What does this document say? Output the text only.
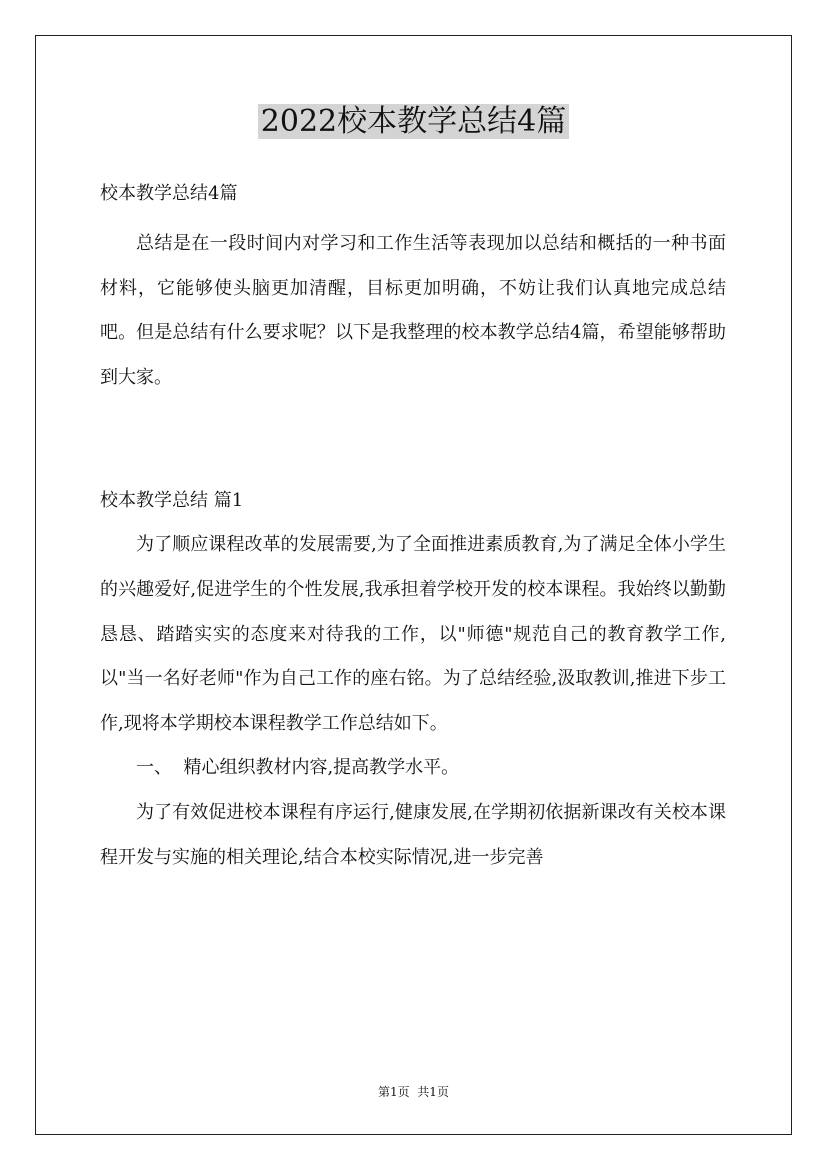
2022校本教学总结4篇

校本教学总结4篇

总结是在一段时间内对学习和工作生活等表现加以总结和概括的一种书面材料，它能够使头脑更加清醒，目标更加明确，不妨让我们认真地完成总结吧。但是总结有什么要求呢？以下是我整理的校本教学总结4篇，希望能够帮助到大家。

校本教学总结 篇1

为了顺应课程改革的发展需要,为了全面推进素质教育,为了满足全体小学生的兴趣爱好,促进学生的个性发展,我承担着学校开发的校本课程。我始终以勤勤恳恳、踏踏实实的态度来对待我的工作，以"师德"规范自己的教育教学工作,以"当一名好老师"作为自己工作的座右铭。为了总结经验,汲取教训,推进下步工作,现将本学期校本课程教学工作总结如下。

一、  精心组织教材内容,提高教学水平。

为了有效促进校本课程有序运行,健康发展,在学期初依据新课改有关校本课程开发与实施的相关理论,结合本校实际情况,进一步完善

第1页  共1页
